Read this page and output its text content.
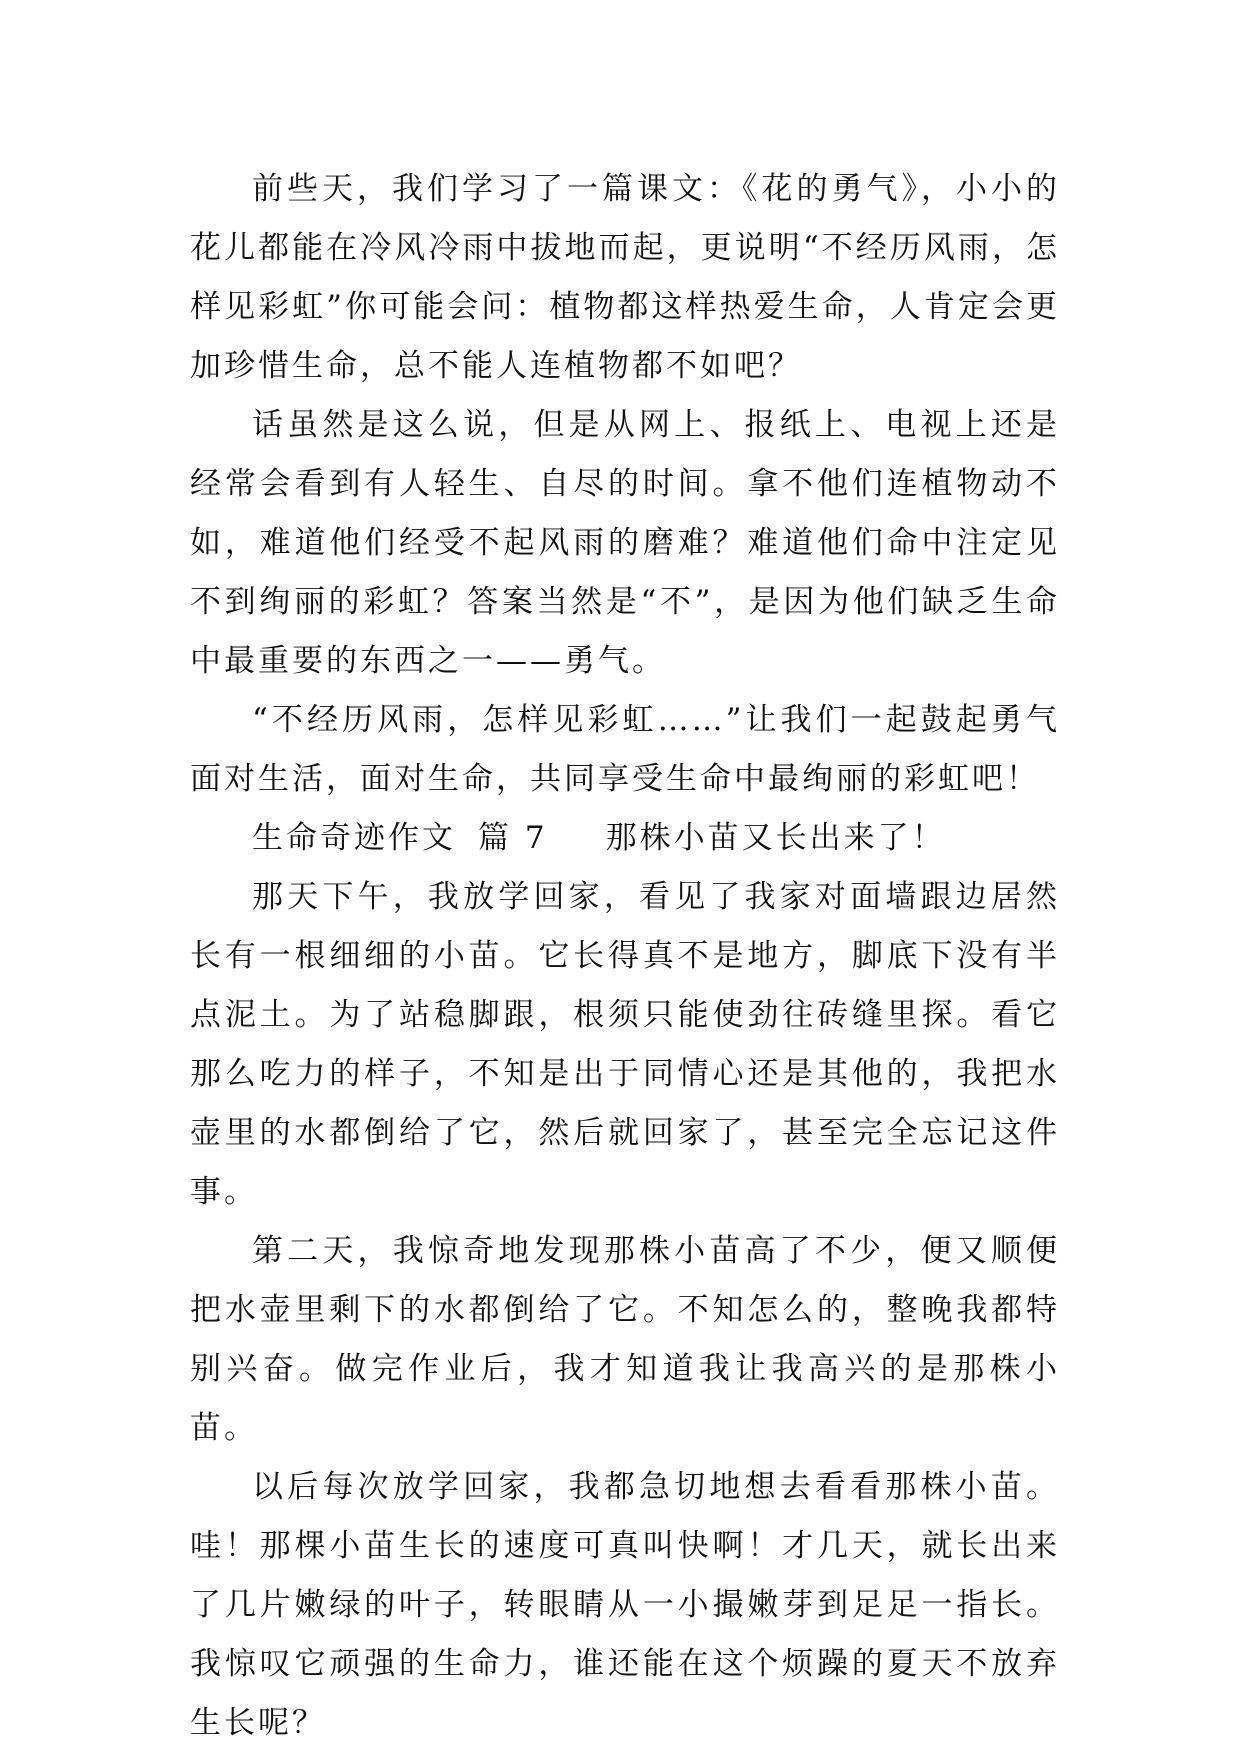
前些天，我们学习了一篇课文：《花的勇气》，小小的花儿都能在冷风冷雨中拔地而起，更说明“不经历风雨，怎样见彩虹”你可能会问：植物都这样热爱生命，人肯定会更加珍惜生命，总不能人连植物都不如吧？

话虽然是这么说，但是从网上、报纸上、电视上还是经常会看到有人轻生、自尽的时间。拿不他们连植物动不如，难道他们经受不起风雨的磨难？难道他们命中注定见不到绚丽的彩虹？答案当然是“不”，是因为他们缺乏生命中最重要的东西之一——勇气。

“不经历风雨，怎样见彩虹……”让我们一起鼓起勇气面对生活，面对生命，共同享受生命中最绚丽的彩虹吧！

生命奇迹作文 篇 7 那株小苗又长出来了！

那天下午，我放学回家，看见了我家对面墙跟边居然长有一根细细的小苗。它长得真不是地方，脚底下没有半点泥土。为了站稳脚跟，根须只能使劲往砖缝里探。看它那么吃力的样子，不知是出于同情心还是其他的，我把水壶里的水都倒给了它，然后就回家了，甚至完全忘记这件事。

第二天，我惊奇地发现那株小苗高了不少，便又顺便把水壶里剩下的水都倒给了它。不知怎么的，整晚我都特别兴奋。做完作业后，我才知道我让我高兴的是那株小苗。

以后每次放学回家，我都急切地想去看看那株小苗。哇！那棵小苗生长的速度可真叫快啊！才几天，就长出来了几片嫩绿的叶子，转眼睛从一小撮嫩芽到足足一指长。我惊叹它顽强的生命力，谁还能在这个烦躁的夏天不放弃生长呢？
